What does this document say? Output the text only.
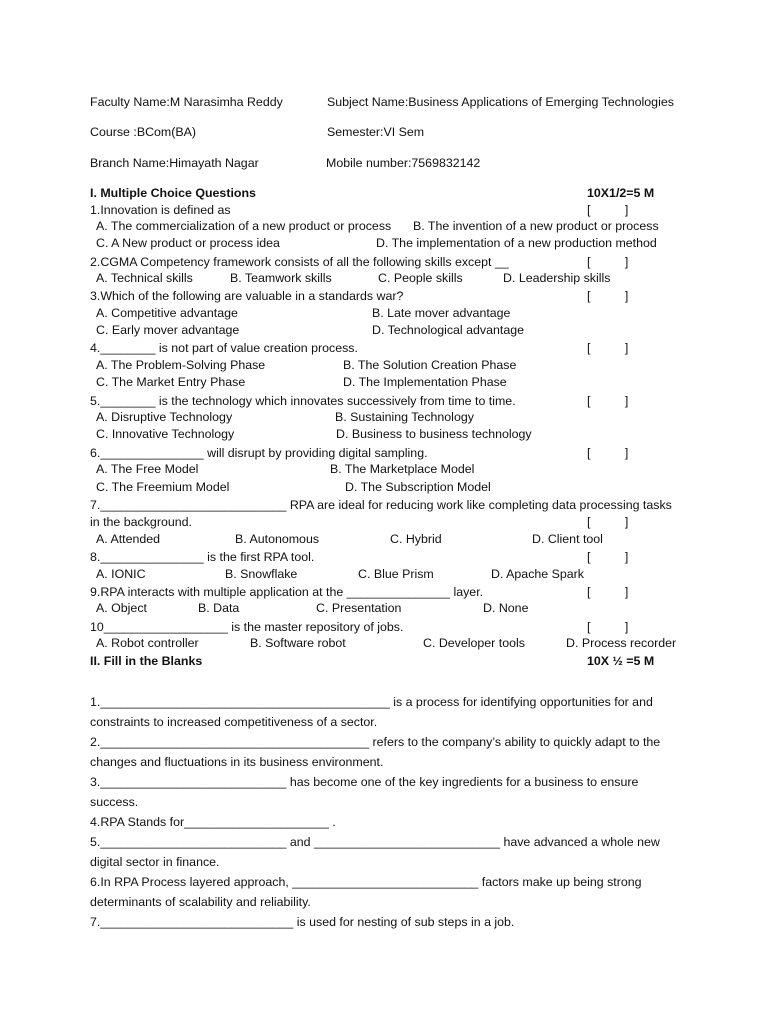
Faculty Name:M Narasimha Reddy	Subject Name:Business Applications of Emerging Technologies
Course :BCom(BA)	Semester:VI Sem
Branch Name:Himayath Nagar	Mobile number:7569832142
I. Multiple Choice Questions	10X1/2=5 M
1.Innovation is defined as	[          ]
A. The commercialization of a new product or process B. The invention of a new product or process
C. A New product or process idea	D. The implementation of a new production method
2.CGMA Competency framework consists of all the following skills except __	[          ]
A. Technical skills	B. Teamwork skills	C. People skills	D. Leadership skills
3.Which of the following are valuable in a standards war?	[          ]
A. Competitive advantage	B. Late mover advantage
C. Early mover advantage	D. Technological advantage
4.________ is not part of value creation process.	[          ]
A. The Problem-Solving Phase	B. The Solution Creation Phase
C. The Market Entry Phase	D. The Implementation Phase
5.________ is the technology which innovates successively from time to time.	[          ]
A. Disruptive Technology	B. Sustaining Technology
C. Innovative Technology	D. Business to business technology
6._______________ will disrupt by providing digital sampling.	[          ]
A. The Free Model	B. The Marketplace Model
C. The Freemium Model	D. The Subscription Model
7.___________________________ RPA are ideal for reducing work like completing data processing tasks
in the background.	[          ]
A. Attended	B. Autonomous	C. Hybrid	D. Client tool
8._______________ is the first RPA tool.	[          ]
A. IONIC	B. Snowflake	C. Blue Prism	D. Apache Spark
9.RPA interacts with multiple application at the _______________ layer.	[          ]
A. Object	B. Data	C. Presentation	D. None
10__________________ is the master repository of jobs.	[          ]
A. Robot controller	B. Software robot	C. Developer tools	D. Process recorder
II. Fill in the Blanks	10X ½ =5 M
1.__________________________________________ is a process for identifying opportunities for and
constraints to increased competitiveness of a sector.
2._______________________________________ refers to the company’s ability to quickly adapt to the
changes and fluctuations in its business environment.
3.___________________________ has become one of the key ingredients for a business to ensure
success.
4.RPA Stands for_____________________ .
5.___________________________ and ___________________________ have advanced a whole new
digital sector in finance.
6.In RPA Process layered approach, ___________________________ factors make up being strong
determinants of scalability and reliability.
7.____________________________ is used for nesting of sub steps in a job.
